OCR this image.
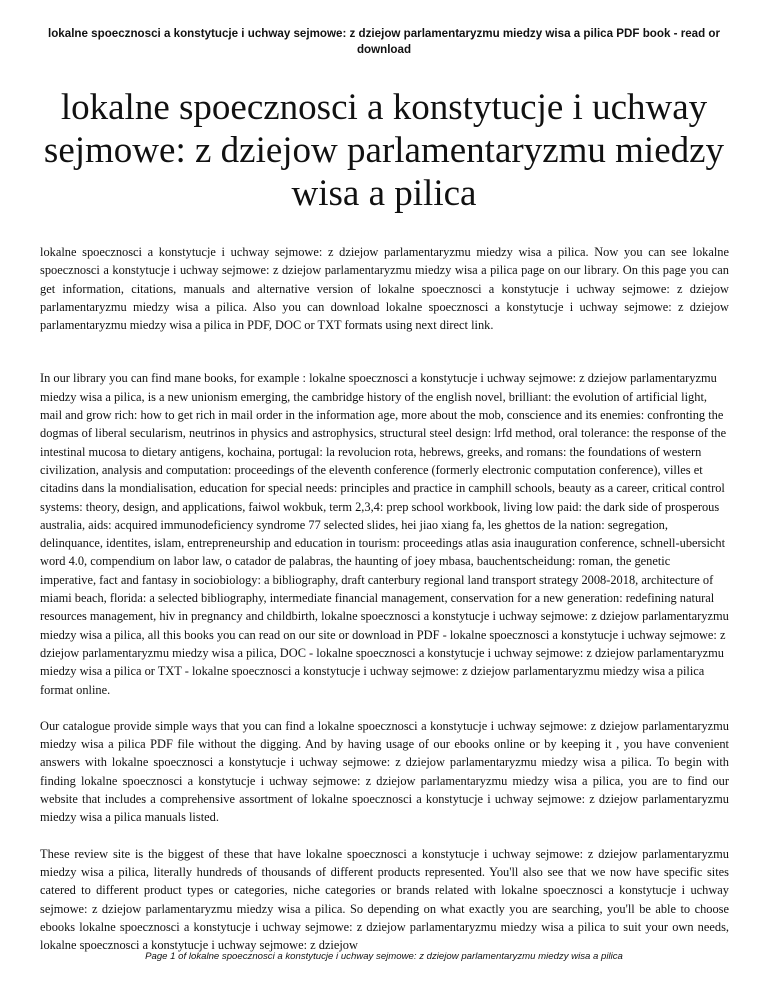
lokalne spoecznosci a konstytucje i uchway sejmowe: z dziejow parlamentaryzmu miedzy wisa a pilica PDF book - read or download
lokalne spoecznosci a konstytucje i uchway sejmowe: z dziejow parlamentaryzmu miedzy wisa a pilica

lokalne spoecznosci a konstytucje i uchway sejmowe: z dziejow parlamentaryzmu miedzy wisa a pilica. Now you can see lokalne spoecznosci a konstytucje i uchway sejmowe: z dziejow parlamentaryzmu miedzy wisa a pilica page on our library. On this page you can get information, citations, manuals and alternative version of lokalne spoecznosci a konstytucje i uchway sejmowe: z dziejow parlamentaryzmu miedzy wisa a pilica. Also you can download lokalne spoecznosci a konstytucje i uchway sejmowe: z dziejow parlamentaryzmu miedzy wisa a pilica in PDF, DOC or TXT formats using next direct link.

In our library you can find mane books, for example : lokalne spoecznosci a konstytucje i uchway sejmowe: z dziejow parlamentaryzmu miedzy wisa a pilica, is a new unionism emerging, the cambridge history of the english novel, brilliant: the evolution of artificial light, mail and grow rich: how to get rich in mail order in the information age, more about the mob, conscience and its enemies: confronting the dogmas of liberal secularism, neutrinos in physics and astrophysics, structural steel design: lrfd method, oral tolerance: the response of the intestinal mucosa to dietary antigens, kochaina, portugal: la revolucion rota, hebrews, greeks, and romans: the foundations of western civilization, analysis and computation: proceedings of the eleventh conference (formerly electronic computation conference), villes et citadins dans la mondialisation, education for special needs: principles and practice in camphill schools, beauty as a career, critical control systems: theory, design, and applications, faiwol wokbuk, term 2,3,4: prep school workbook, living low paid: the dark side of prosperous australia, aids: acquired immunodeficiency syndrome 77 selected slides, hei jiao xiang fa, les ghettos de la nation: segregation, delinquance, identites, islam, entrepreneurship and education in tourism: proceedings atlas asia inauguration conference, schnell-ubersicht word 4.0, compendium on labor law, o catador de palabras, the haunting of joey mbasa, bauchentscheidung: roman, the genetic imperative, fact and fantasy in sociobiology: a bibliography, draft canterbury regional land transport strategy 2008-2018, architecture of miami beach, florida: a selected bibliography, intermediate financial management, conservation for a new generation: redefining natural resources management, hiv in pregnancy and childbirth, lokalne spoecznosci a konstytucje i uchway sejmowe: z dziejow parlamentaryzmu miedzy wisa a pilica, all this books you can read on our site or download in PDF - lokalne spoecznosci a konstytucje i uchway sejmowe: z dziejow parlamentaryzmu miedzy wisa a pilica, DOC - lokalne spoecznosci a konstytucje i uchway sejmowe: z dziejow parlamentaryzmu miedzy wisa a pilica or TXT - lokalne spoecznosci a konstytucje i uchway sejmowe: z dziejow parlamentaryzmu miedzy wisa a pilica format online.

Our catalogue provide simple ways that you can find a lokalne spoecznosci a konstytucje i uchway sejmowe: z dziejow parlamentaryzmu miedzy wisa a pilica PDF file without the digging. And by having usage of our ebooks online or by keeping it , you have convenient answers with lokalne spoecznosci a konstytucje i uchway sejmowe: z dziejow parlamentaryzmu miedzy wisa a pilica. To begin with finding lokalne spoecznosci a konstytucje i uchway sejmowe: z dziejow parlamentaryzmu miedzy wisa a pilica, you are to find our website that includes a comprehensive assortment of lokalne spoecznosci a konstytucje i uchway sejmowe: z dziejow parlamentaryzmu miedzy wisa a pilica manuals listed.

These review site is the biggest of these that have lokalne spoecznosci a konstytucje i uchway sejmowe: z dziejow parlamentaryzmu miedzy wisa a pilica, literally hundreds of thousands of different products represented. You'll also see that we now have specific sites catered to different product types or categories, niche categories or brands related with lokalne spoecznosci a konstytucje i uchway sejmowe: z dziejow parlamentaryzmu miedzy wisa a pilica. So depending on what exactly you are searching, you'll be able to choose ebooks lokalne spoecznosci a konstytucje i uchway sejmowe: z dziejow parlamentaryzmu miedzy wisa a pilica to suit your own needs, lokalne spoecznosci a konstytucje i uchway sejmowe: z dziejow

Page 1 of lokalne spoecznosci a konstytucje i uchway sejmowe: z dziejow parlamentaryzmu miedzy wisa a pilica
